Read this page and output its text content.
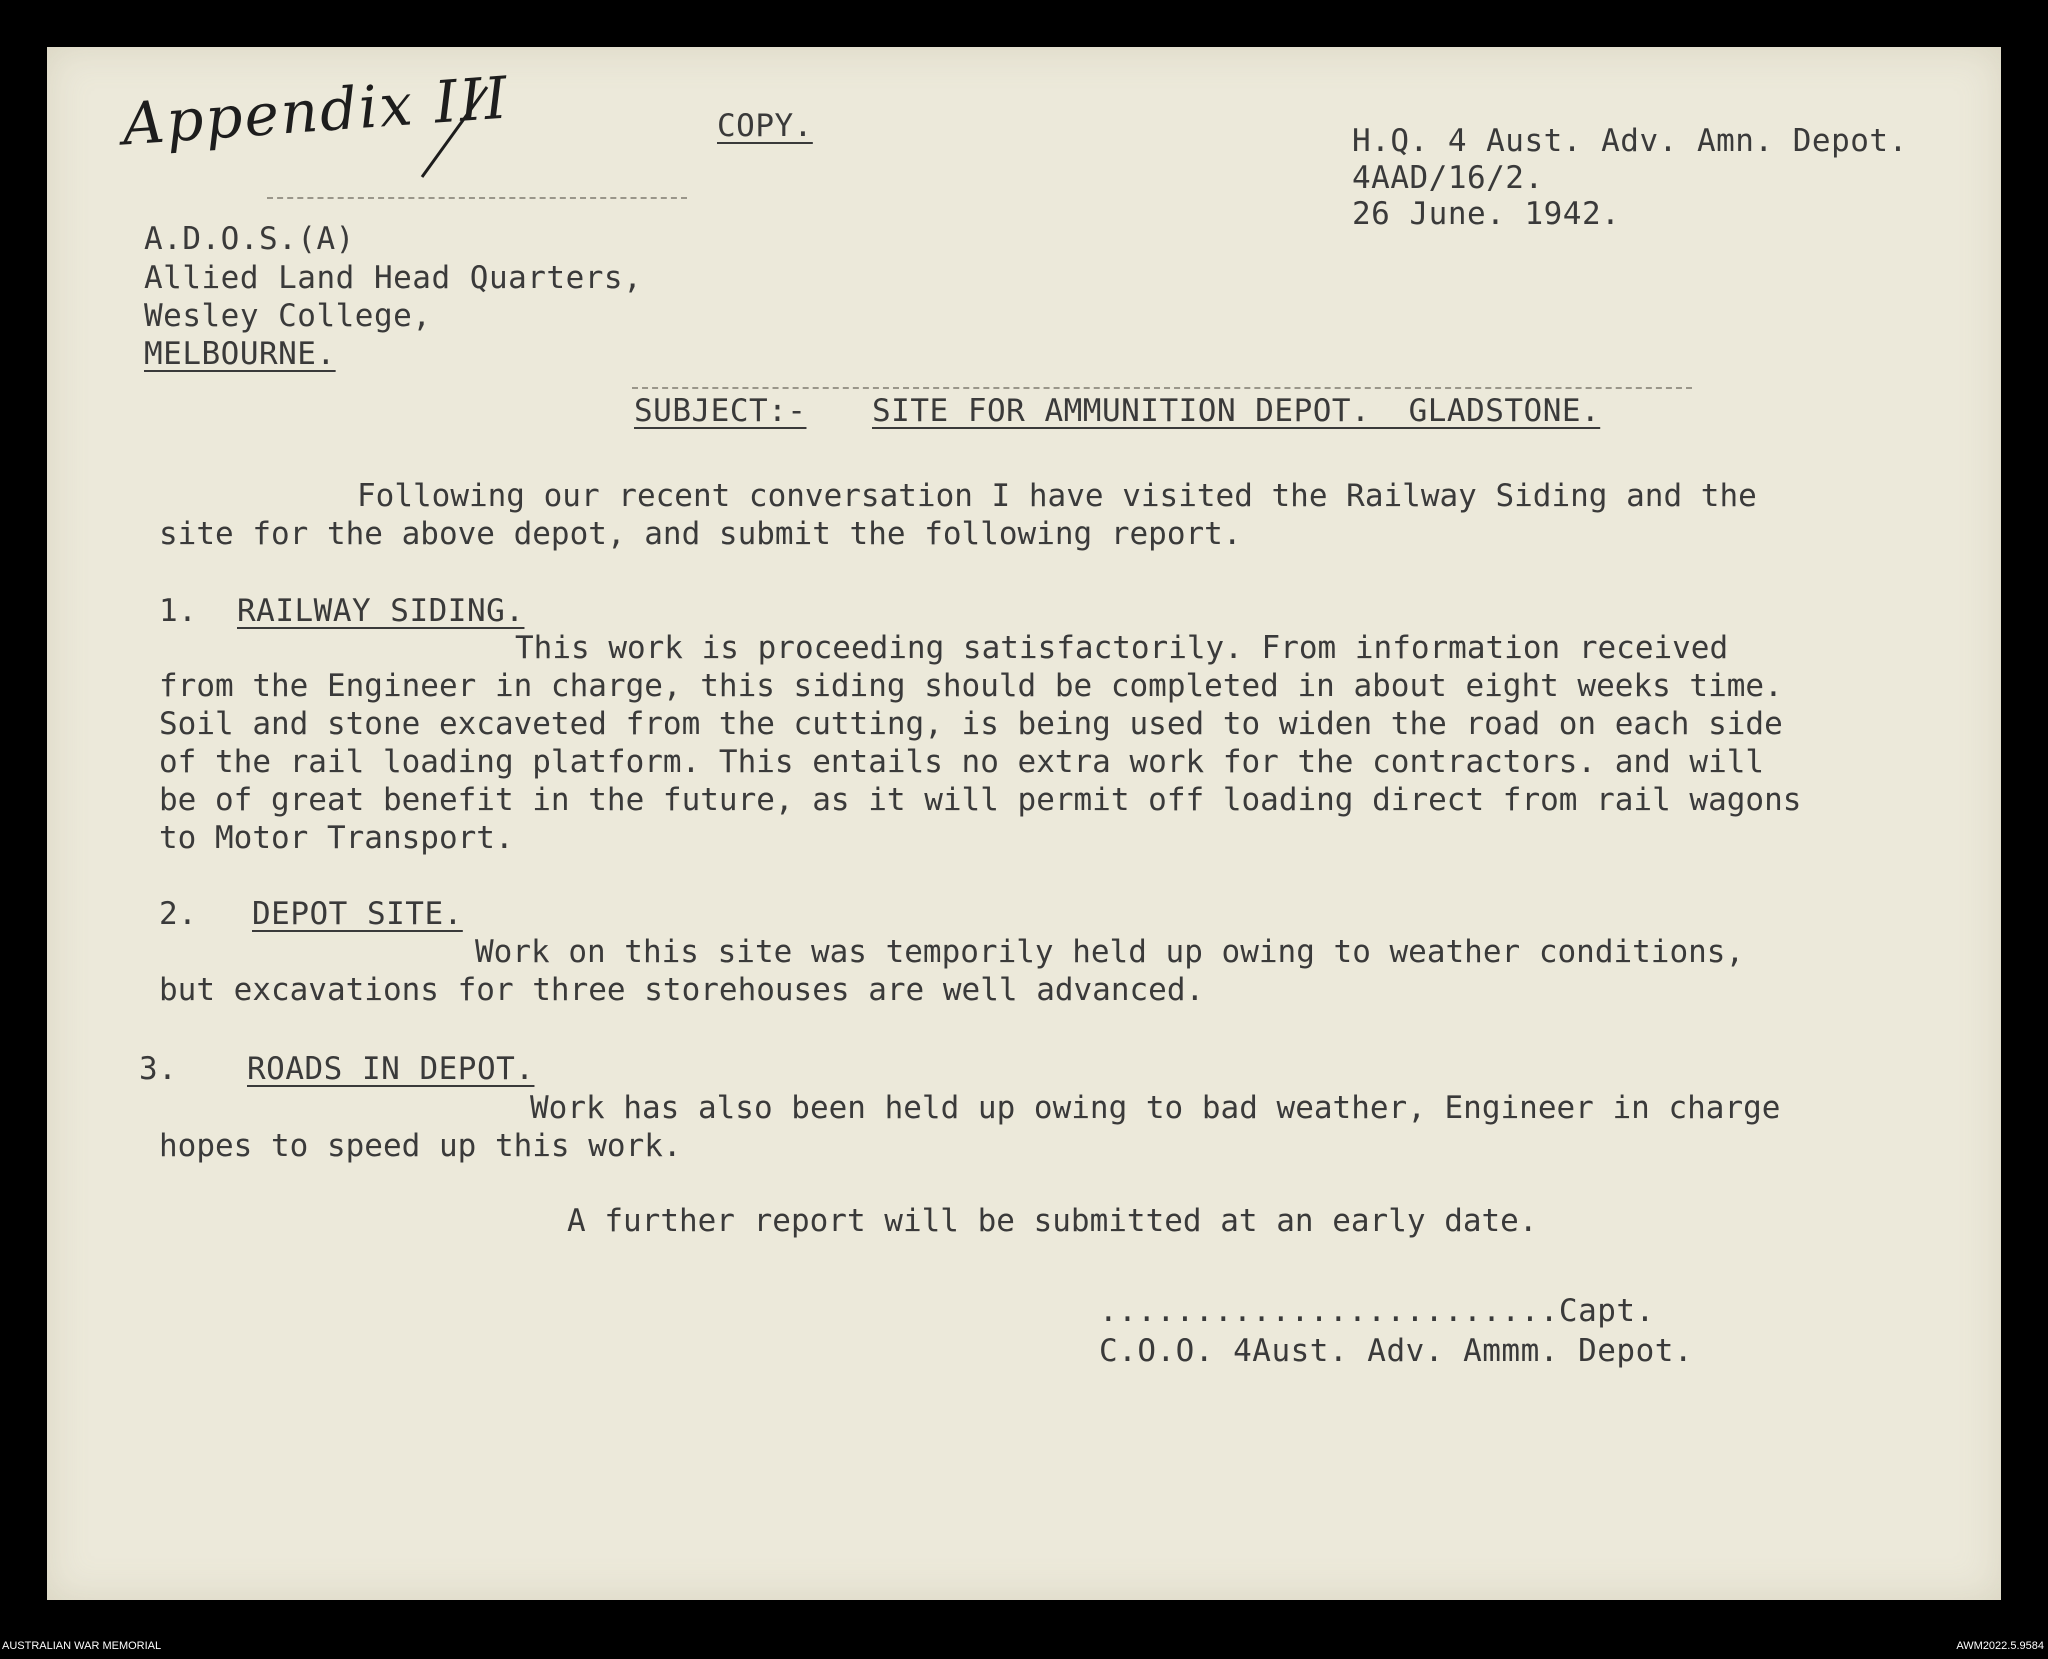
Appendix III	COPY.	H.Q. 4 Aust. Adv. Amn. Depot.
4AAD/16/2.
26 June. 1942.
A.D.O.S.(A)
Allied Land Head Quarters,
Wesley College,
MELBOURNE.
SUBJECT:- SITE FOR AMMUNITION DEPOT.  GLADSTONE.
Following our recent conversation I have visited the Railway Siding and the
site for the above depot, and submit the following report.
1. RAILWAY SIDING.
This work is proceeding satisfactorily. From information received
from the Engineer in charge, this siding should be completed in about eight weeks time.
Soil and stone excaveted from the cutting, is being used to widen the road on each side
of the rail loading platform. This entails no extra work for the contractors. and will
be of great benefit in the future, as it will permit off loading direct from rail wagons
to Motor Transport.
2. DEPOT SITE.
Work on this site was temporily held up owing to weather conditions,
but excavations for three storehouses are well advanced.
3. ROADS IN DEPOT.
Work has also been held up owing to bad weather, Engineer in charge
hopes to speed up this work.
A further report will be submitted at an early date.
........................Capt.
C.O.O. 4Aust. Adv. Ammm. Depot.
AUSTRALIAN WAR MEMORIAL	AWM2022.5.9584
